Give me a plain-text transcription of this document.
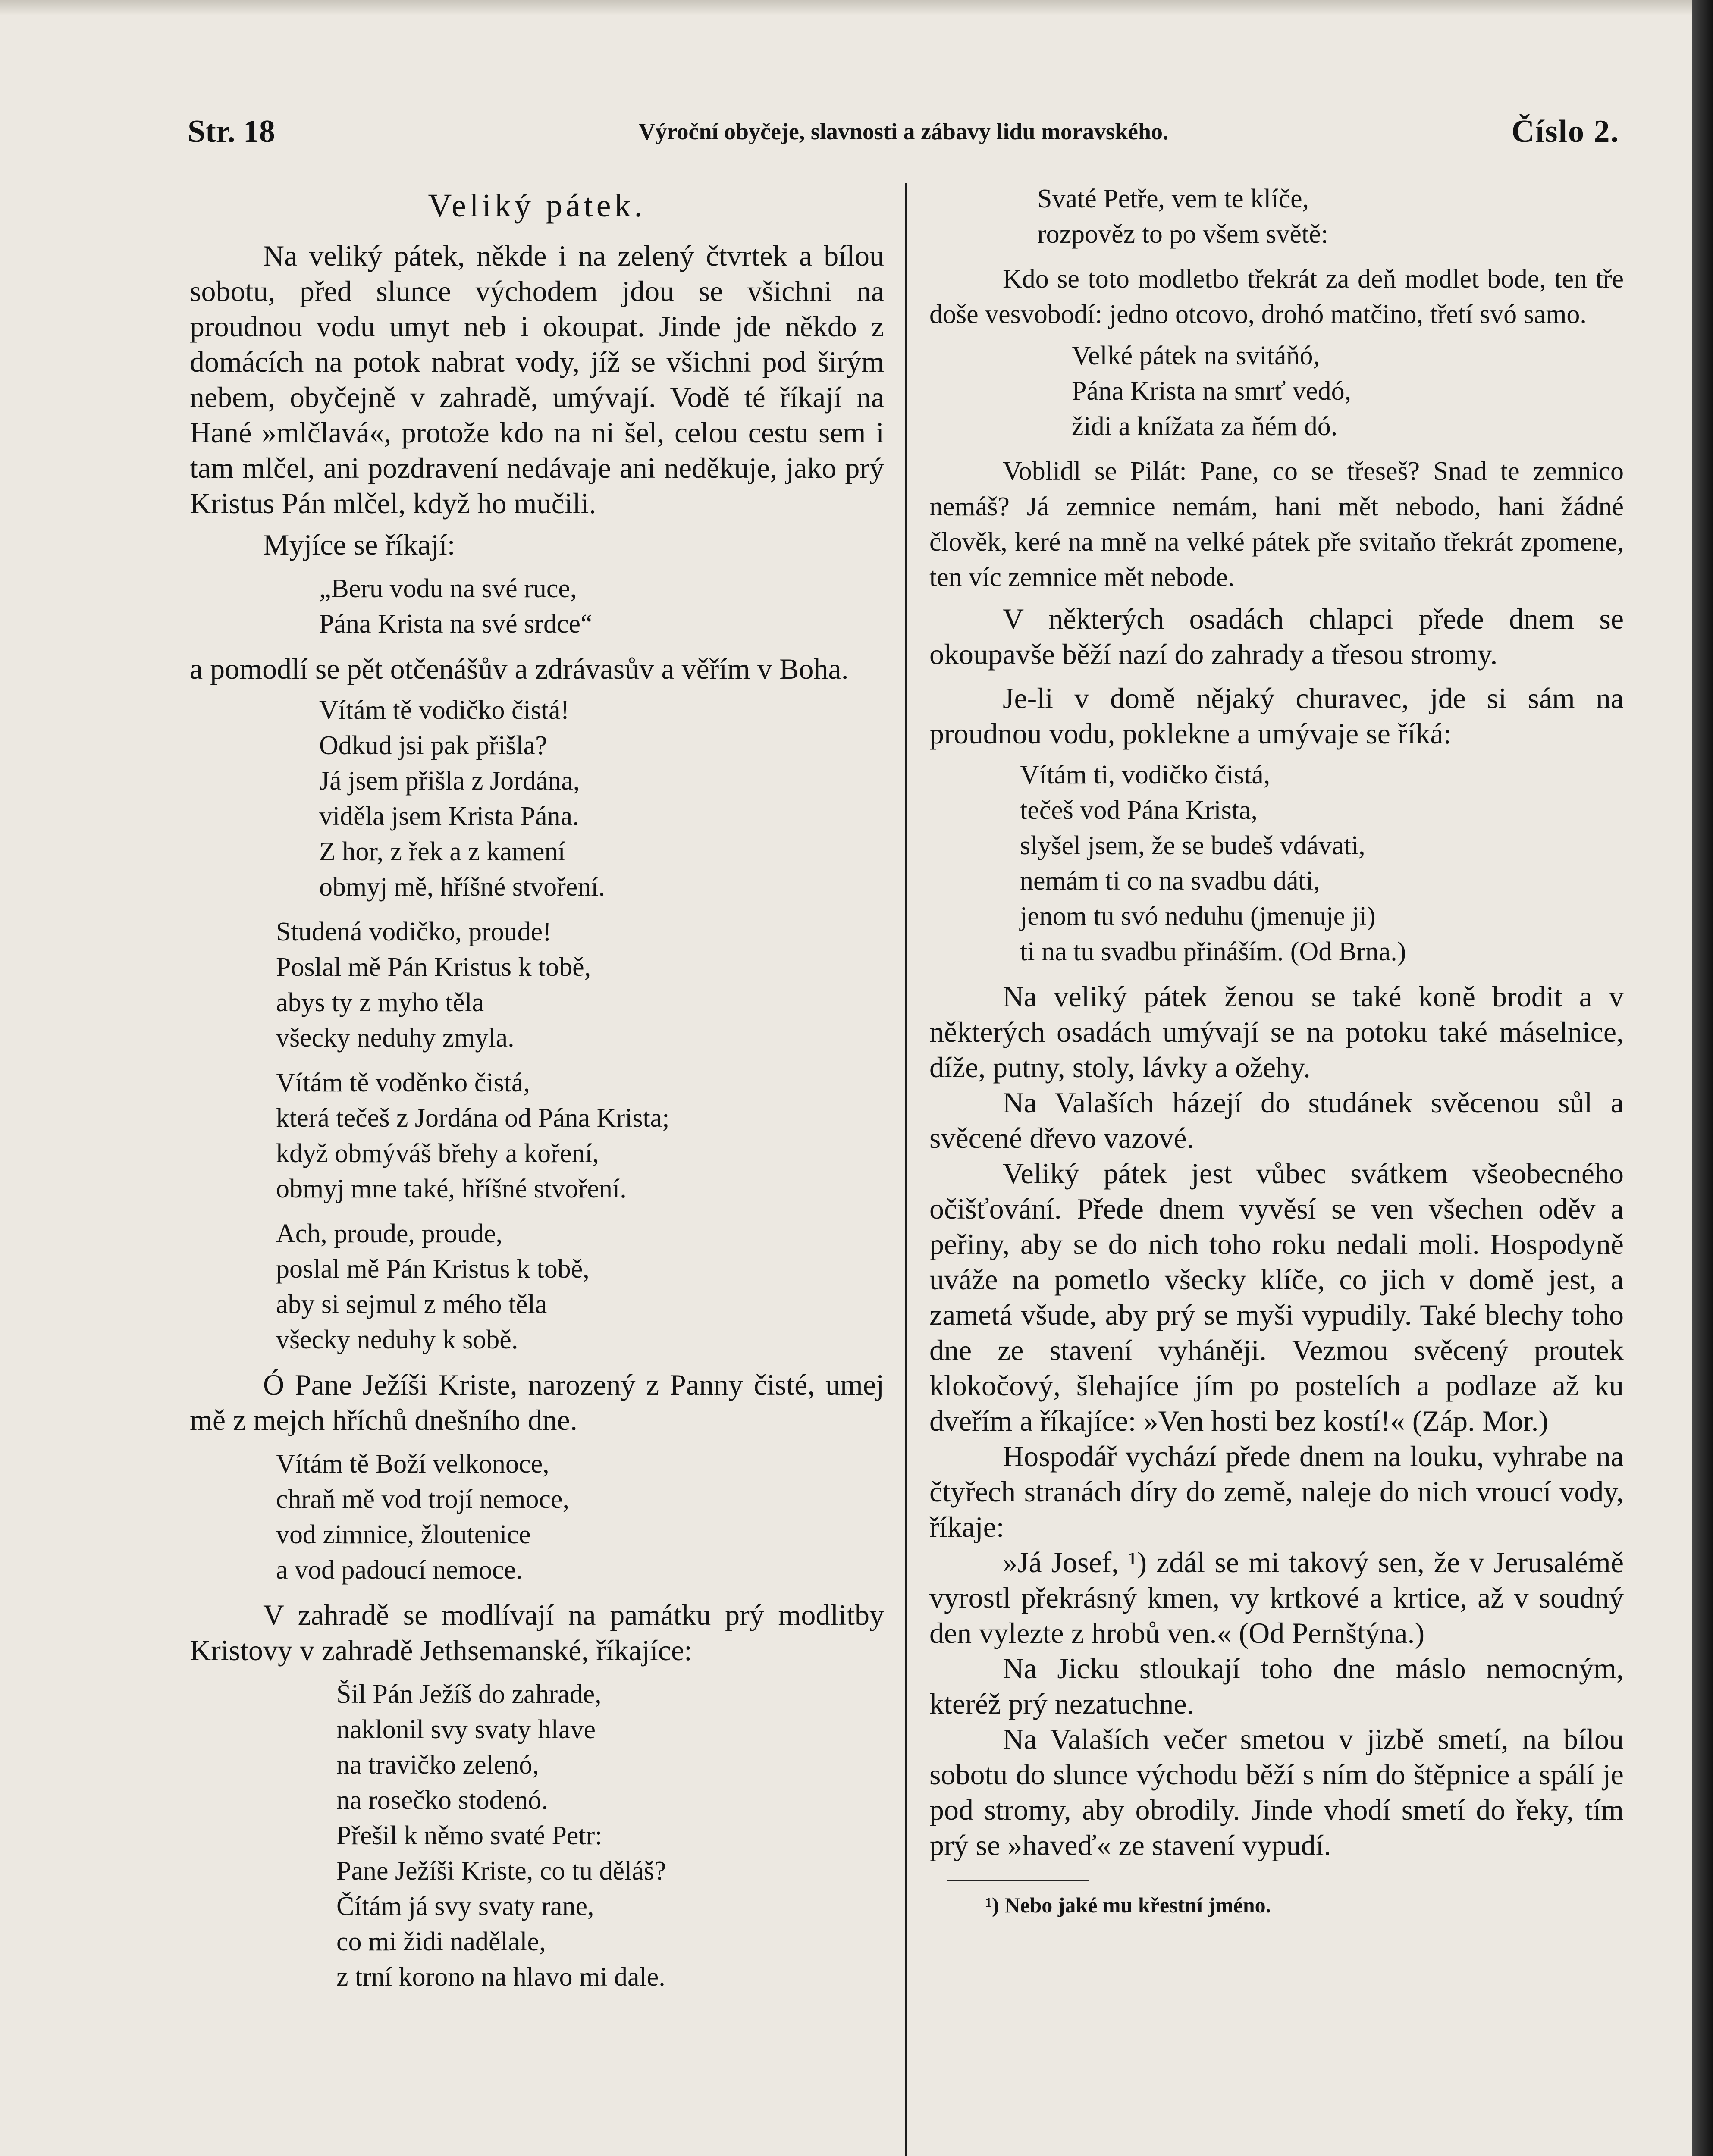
Str. 18	Výroční obyčeje, slavnosti a zábavy lidu moravského.	Číslo 2.
Veliký pátek.

Na veliký pátek, někde i na zelený čtvrtek a bílou sobotu, před slunce východem jdou se všichni na proudnou vodu umyt neb i okoupat. Jinde jde někdo z domácích na potok nabrat vody, jíž se všichni pod širým nebem, obyčejně v zahradě, umývají. Vodě té říkají na Hané »mlčlavá«, protože kdo na ni šel, celou cestu sem i tam mlčel, ani pozdravení nedávaje ani neděkuje, jako prý Kristus Pán mlčel, když ho mučili.

Myjíce se říkají:

„Beru vodu na své ruce,
Pána Krista na své srdce“

a pomodlí se pět otčenášův a zdrávasův a věřím v Boha.

Vítám tě vodičko čistá!
Odkud jsi pak přišla?
Já jsem přišla z Jordána,
viděla jsem Krista Pána.
Z hor, z řek a z kamení
obmyj mě, hříšné stvoření.
Studená vodičko, proude!
Poslal mě Pán Kristus k tobě,
abys ty z myho těla
všecky neduhy zmyla.
Vítám tě voděnko čistá,
která tečeš z Jordána od Pána Krista;
když obmýváš břehy a koření,
obmyj mne také, hříšné stvoření.
Ach, proude, proude,
poslal mě Pán Kristus k tobě,
aby si sejmul z mého těla
všecky neduhy k sobě.

Ó Pane Ježíši Kriste, narozený z Panny čisté, umej mě z mejch hříchů dnešního dne.

Vítám tě Boží velkonoce,
chraň mě vod trojí nemoce,
vod zimnice, žloutenice
a vod padoucí nemoce.

V zahradě se modlívají na památku prý modlitby Kristovy v zahradě Jethsemanské, říkajíce:

Šil Pán Ježíš do zahrade,
naklonil svy svaty hlave
na travičko zelenó,
na rosečko stodenó.
Přešil k němo svaté Petr:
Pane Ježíši Kriste, co tu děláš?
Čítám já svy svaty rane,
co mi židi nadělale,
z trní korono na hlavo mi dale.
Svaté Petře, vem te klíče,
rozpověz to po všem světě:

Kdo se toto modletbo třekrát za deň modlet bode, ten tře doše vesvobodí: jedno otcovo, drohó matčino, třetí svó samo.

Velké pátek na svitáňó,
Pána Krista na smrť vedó,
židi a knížata za ňém dó.

Voblidl se Pilát: Pane, co se třeseš? Snad te zemnico nemáš? Já zemnice nemám, hani mět nebodo, hani žádné člověk, keré na mně na velké pátek pře svitaňo třekrát zpomene, ten víc zemnice mět nebode.

V některých osadách chlapci přede dnem se okoupavše běží nazí do zahrady a třesou stromy.

Je-li v domě nějaký churavec, jde si sám na proudnou vodu, poklekne a umývaje se říká:

Vítám ti, vodičko čistá,
tečeš vod Pána Krista,
slyšel jsem, že se budeš vdávati,
nemám ti co na svadbu dáti,
jenom tu svó neduhu (jmenuje ji)
ti na tu svadbu přináším. (Od Brna.)

Na veliký pátek ženou se také koně brodit a v některých osadách umývají se na potoku také máselnice, díže, putny, stoly, lávky a ožehy.

Na Valaších házejí do studánek svěcenou sůl a svěcené dřevo vazové.

Veliký pátek jest vůbec svátkem všeobecného očišťování. Přede dnem vyvěsí se ven všechen oděv a peřiny, aby se do nich toho roku nedali moli. Hospodyně uváže na pometlo všecky klíče, co jich v domě jest, a zametá všude, aby prý se myši vypudily. Také blechy toho dne ze stavení vyháněji. Vezmou svěcený proutek klokočový, šlehajíce jím po postelích a podlaze až ku dveřím a říkajíce: »Ven hosti bez kostí!« (Záp. Mor.)

Hospodář vychází přede dnem na louku, vyhrabe na čtyřech stranách díry do země, naleje do nich vroucí vody, říkaje:

»Já Josef, ¹) zdál se mi takový sen, že v Jerusalémě vyrostl překrásný kmen, vy krtkové a krtice, až v soudný den vylezte z hrobů ven.« (Od Pernštýna.)

Na Jicku stloukají toho dne máslo nemocným, kteréž prý nezatuchne.

Na Valaších večer smetou v jizbě smetí, na bílou sobotu do slunce východu běží s ním do štěpnice a spálí je pod stromy, aby obrodily. Jinde vhodí smetí do řeky, tím prý se »haveď« ze stavení vypudí.

¹) Nebo jaké mu křestní jméno.
